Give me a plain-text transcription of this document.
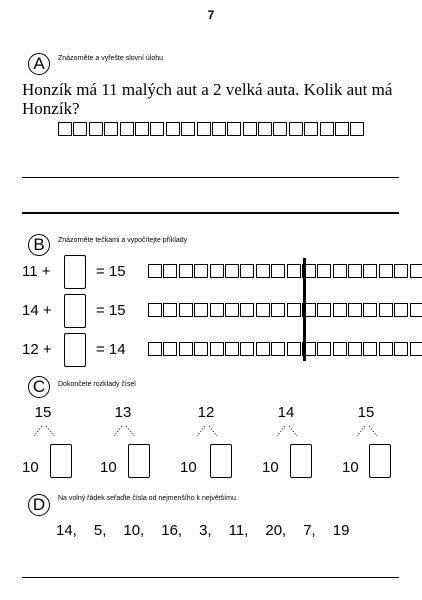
7
A	Znázorněte a vyřešte slovní úlohu
Honzík má 11 malých aut a 2 velká auta. Kolik aut má Honzík?
B	Znázorněte tečkami a vypočítejte příklady
11 +	= 15
14 +	= 15
12 +	= 14
C	Dokončete rozklady čísel
15
10
13
10
12
10
14
10
15
10
D	Na volný řádek seřaďte čísla od nejmenšího k největšímu.
14, 5, 10, 16, 3, 11, 20, 7, 19
